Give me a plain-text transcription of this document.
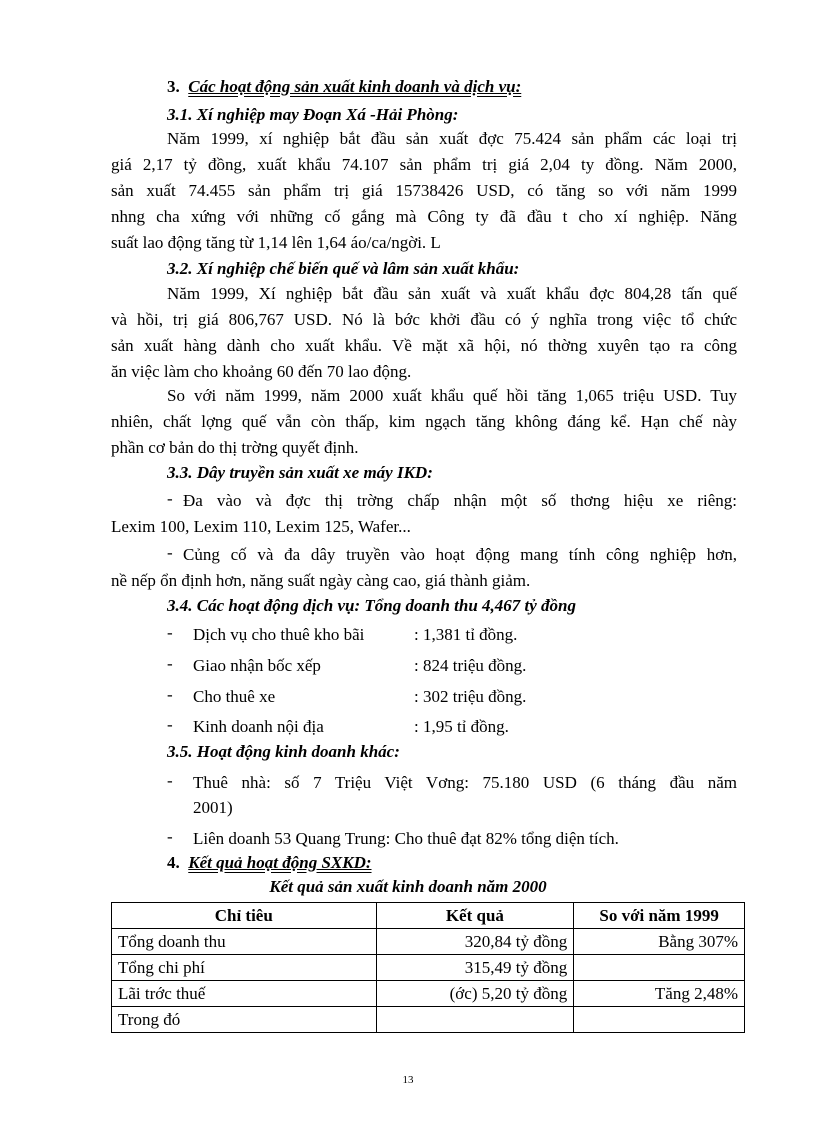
3. Các hoạt động sản xuất kinh doanh và dịch vụ:
3.1. Xí nghiệp may Đoạn Xá -Hải Phòng:
Năm 1999, xí nghiệp bắt đầu sản xuất đợc 75.424 sản phẩm các loại trị
giá 2,17 tỷ đồng, xuất khẩu 74.107 sản phẩm trị giá 2,04 ty đồng. Năm 2000,
sản xuất 74.455 sản phẩm trị giá 15738426 USD, có tăng so với năm 1999
nhng cha xứng với những cố gắng mà Công ty đã đầu t cho xí nghiệp. Năng
suất lao động tăng từ 1,14 lên 1,64 áo/ca/ngời. L
3.2. Xí nghiệp chế biến quế và lâm sản xuất khẩu:
Năm 1999, Xí nghiệp bắt đầu sản xuất và xuất khẩu đợc 804,28 tấn quế
và hồi, trị giá 806,767 USD. Nó là bớc khởi đầu có ý nghĩa trong việc tổ chức
sản xuất hàng dành cho xuất khẩu. Về mặt xã hội, nó thờng xuyên tạo ra công
ăn việc làm cho khoảng 60 đến 70 lao động.
So với năm 1999, năm 2000 xuất khẩu quế hồi tăng 1,065 triệu USD. Tuy
nhiên, chất lợng quế vẫn còn thấp, kim ngạch tăng không đáng kể. Hạn chế này
phần cơ bản do thị trờng quyết định.
3.3. Dây truyền sản xuất xe máy IKD:
- Đa vào và đợc thị trờng chấp nhận một số thơng hiệu xe riêng:
Lexim 100, Lexim 110, Lexim 125, Wafer...
- Củng cố và đa dây truyền vào hoạt động mang tính công nghiệp hơn,
nề nếp ổn định hơn, năng suất ngày càng cao, giá thành giảm.
3.4. Các hoạt động dịch vụ: Tổng doanh thu 4,467 tỷ đồng
- Dịch vụ cho thuê kho bãi	: 1,381 tỉ đồng.
- Giao nhận bốc xếp	: 824 triệu đồng.
- Cho thuê xe	: 302 triệu đồng.
- Kinh doanh nội địa	: 1,95 tỉ đồng.
3.5. Hoạt động kinh doanh khác:
- Thuê nhà: số 7 Triệu Việt Vơng: 75.180 USD (6 tháng đầu năm
2001)
- Liên doanh 53 Quang Trung: Cho thuê đạt 82% tổng diện tích.
4. Kết quả hoạt động SXKD:
Kết quả sản xuất kinh doanh năm 2000
Chỉ tiêu	Kết quả	So với năm 1999
Tổng doanh thu	320,84 tỷ đồng	Bằng 307%
Tổng chi phí	315,49 tỷ đồng	
Lãi trớc thuế	(ớc) 5,20 tỷ đồng	Tăng 2,48%
Trong đó		
13
